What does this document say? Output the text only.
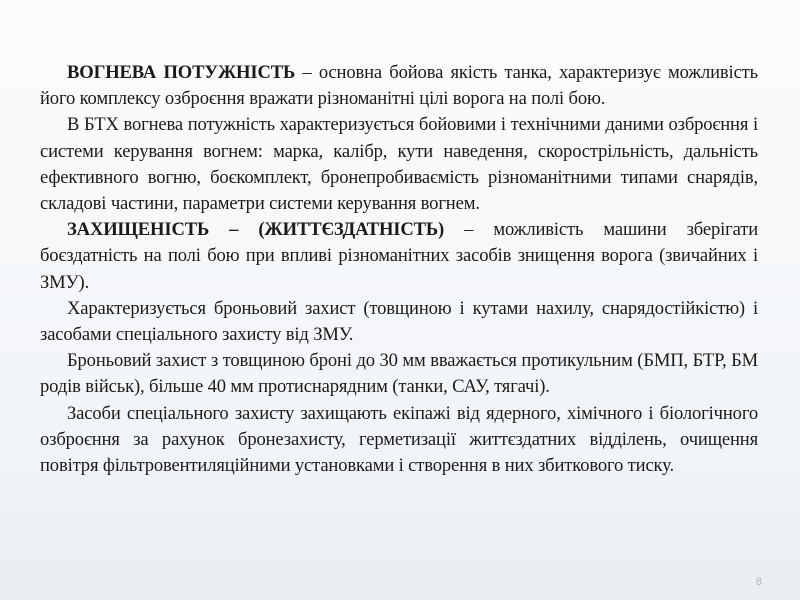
ВОГНЕВА ПОТУЖНІСТЬ – основна бойова якість танка, характеризує можливість його комплексу озброєння вражати різноманітні цілі ворога на полі бою.

В БТХ вогнева потужність характеризується бойовими і технічними даними озброєння і системи керування вогнем: марка, калібр, кути наведення, скорострільність, дальність ефективного вогню, боєкомплект, бронепробиваємість різноманітними типами снарядів, складові частини, параметри системи керування вогнем.

ЗАХИЩЕНІСТЬ – (ЖИТТЄЗДАТНІСТЬ) – можливість машини зберігати боєздатність на полі бою при впливі різноманітних засобів знищення ворога (звичайних і ЗМУ).

Характеризується броньовий захист (товщиною і кутами нахилу, снарядостійкістю) і засобами спеціального захисту від ЗМУ.

Броньовий захист з товщиною броні до 30 мм вважається протикульним (БМП, БТР, БМ родів військ), більше 40 мм протиснарядним (танки, САУ, тягачі).

Засоби спеціального захисту захищають екіпажі від ядерного, хімічного і біологічного озброєння за рахунок бронезахисту, герметизації життєздатних відділень, очищення повітря фільтровентиляційними установками і створення в них збиткового тиску.

8
